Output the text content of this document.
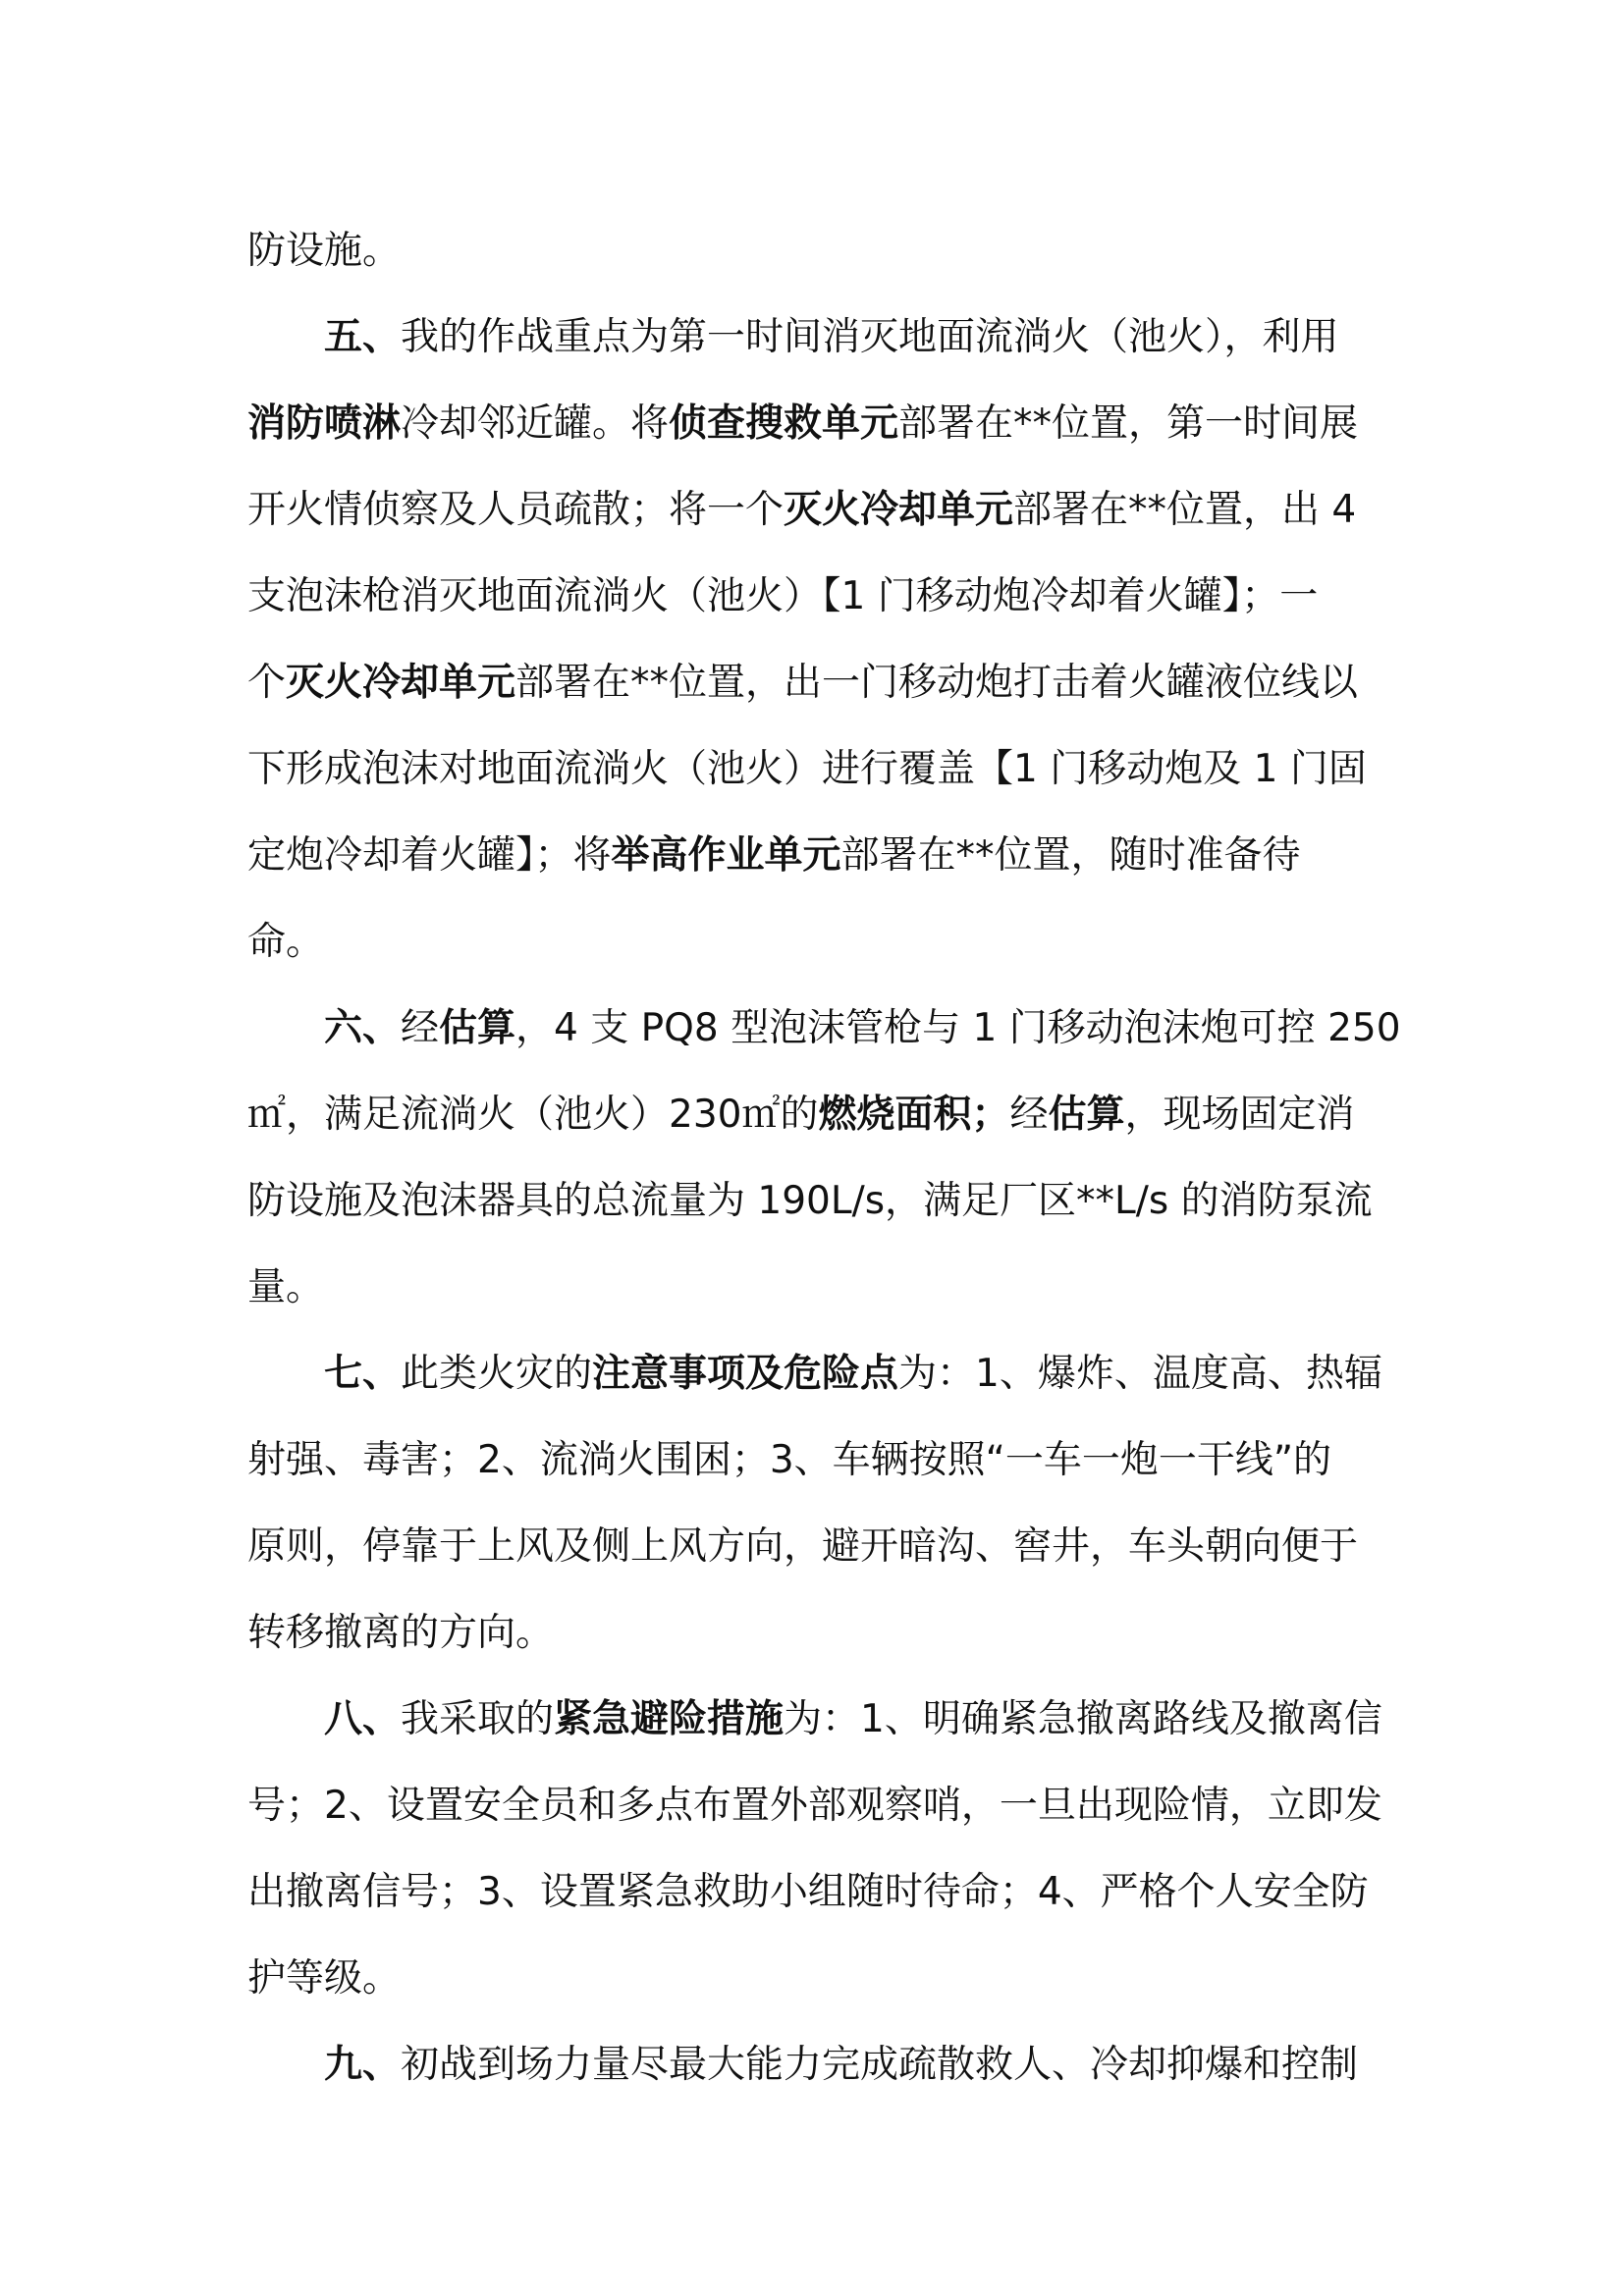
防设施。
五、我的作战重点为第一时间消灭地面流淌火（池火），利用
消防喷淋冷却邻近罐。将侦查搜救单元部署在**位置，第一时间展
开火情侦察及人员疏散；将一个灭火冷却单元部署在**位置，出 4
支泡沫枪消灭地面流淌火（池火）【1 门移动炮冷却着火罐】；一
个灭火冷却单元部署在**位置，出一门移动炮打击着火罐液位线以
下形成泡沫对地面流淌火（池火）进行覆盖【1 门移动炮及 1 门固
定炮冷却着火罐】；将举高作业单元部署在**位置，随时准备待
命。
六、经估算，4 支 PQ8 型泡沫管枪与 1 门移动泡沫炮可控 250
㎡，满足流淌火（池火）230㎡的燃烧面积；经估算，现场固定消
防设施及泡沫器具的总流量为 190L/s，满足厂区**L/s 的消防泵流
量。
七、此类火灾的注意事项及危险点为：1、爆炸、温度高、热辐
射强、毒害；2、流淌火围困；3、车辆按照“一车一炮一干线”的
原则，停靠于上风及侧上风方向，避开暗沟、窖井，车头朝向便于
转移撤离的方向。
八、我采取的紧急避险措施为：1、明确紧急撤离路线及撤离信
号；2、设置安全员和多点布置外部观察哨，一旦出现险情，立即发
出撤离信号；3、设置紧急救助小组随时待命；4、严格个人安全防
护等级。
九、初战到场力量尽最大能力完成疏散救人、冷却抑爆和控制
